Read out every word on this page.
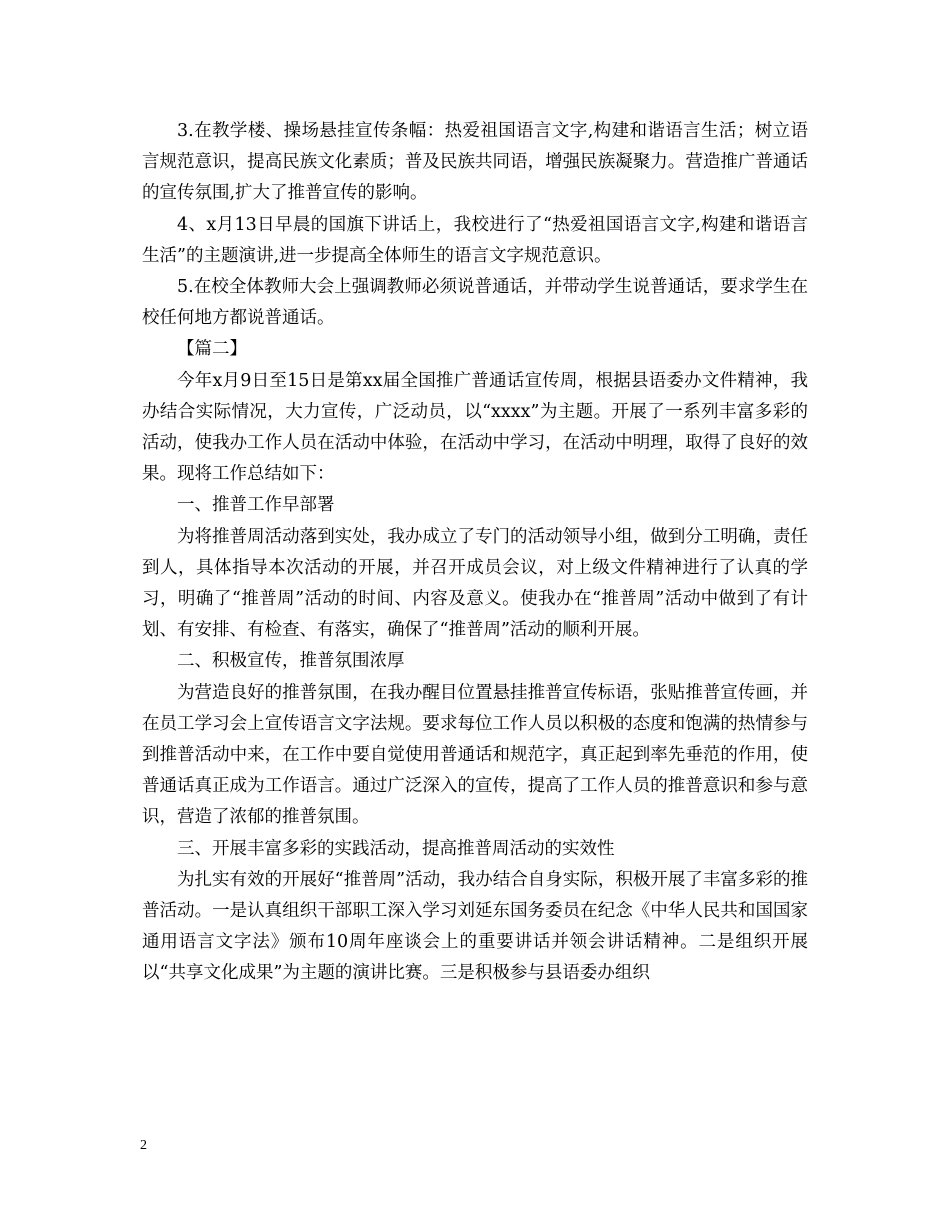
3.在教学楼、操场悬挂宣传条幅：热爱祖国语言文字,构建和谐语言生活；树立语言规范意识，提高民族文化素质；普及民族共同语，增强民族凝聚力。营造推广普通话的宣传氛围,扩大了推普宣传的影响。

4、x月13日早晨的国旗下讲话上，我校进行了“热爱祖国语言文字,构建和谐语言生活”的主题演讲,进一步提高全体师生的语言文字规范意识。

5.在校全体教师大会上强调教师必须说普通话，并带动学生说普通话，要求学生在校任何地方都说普通话。

【篇二】

今年x月9日至15日是第xx届全国推广普通话宣传周，根据县语委办文件精神，我办结合实际情况，大力宣传，广泛动员，以“xxxx”为主题。开展了一系列丰富多彩的活动，使我办工作人员在活动中体验，在活动中学习，在活动中明理，取得了良好的效果。现将工作总结如下：

一、推普工作早部署

为将推普周活动落到实处，我办成立了专门的活动领导小组，做到分工明确，责任到人，具体指导本次活动的开展，并召开成员会议，对上级文件精神进行了认真的学习，明确了“推普周”活动的时间、内容及意义。使我办在“推普周”活动中做到了有计划、有安排、有检查、有落实，确保了“推普周”活动的顺利开展。

二、积极宣传，推普氛围浓厚

为营造良好的推普氛围，在我办醒目位置悬挂推普宣传标语，张贴推普宣传画，并在员工学习会上宣传语言文字法规。要求每位工作人员以积极的态度和饱满的热情参与到推普活动中来，在工作中要自觉使用普通话和规范字，真正起到率先垂范的作用，使普通话真正成为工作语言。通过广泛深入的宣传，提高了工作人员的推普意识和参与意识，营造了浓郁的推普氛围。

三、开展丰富多彩的实践活动，提高推普周活动的实效性

为扎实有效的开展好“推普周”活动，我办结合自身实际，积极开展了丰富多彩的推普活动。一是认真组织干部职工深入学习刘延东国务委员在纪念《中华人民共和国国家通用语言文字法》颁布10周年座谈会上的重要讲话并领会讲话精神。二是组织开展以“共享文化成果”为主题的演讲比赛。三是积极参与县语委办组织

2
